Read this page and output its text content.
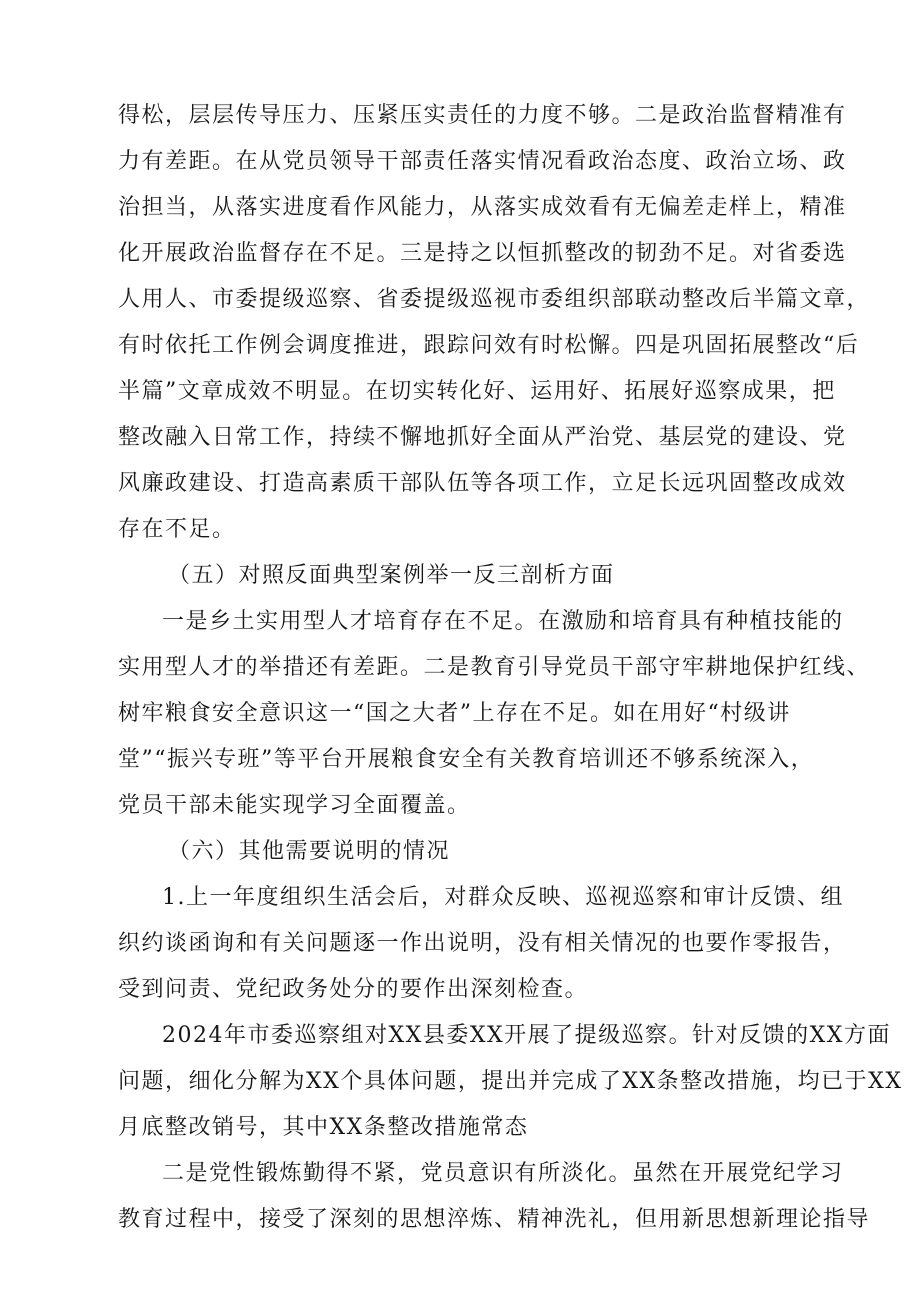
得松，层层传导压力、压紧压实责任的力度不够。二是政治监督精准有
力有差距。在从党员领导干部责任落实情况看政治态度、政治立场、政
治担当，从落实进度看作风能力，从落实成效看有无偏差走样上，精准
化开展政治监督存在不足。三是持之以恒抓整改的韧劲不足。对省委选
人用人、市委提级巡察、省委提级巡视市委组织部联动整改后半篇文章，
有时依托工作例会调度推进，跟踪问效有时松懈。四是巩固拓展整改“后
半篇”文章成效不明显。在切实转化好、运用好、拓展好巡察成果，把
整改融入日常工作，持续不懈地抓好全面从严治党、基层党的建设、党
风廉政建设、打造高素质干部队伍等各项工作，立足长远巩固整改成效
存在不足。
（五）对照反面典型案例举一反三剖析方面
一是乡土实用型人才培育存在不足。在激励和培育具有种植技能的
实用型人才的举措还有差距。二是教育引导党员干部守牢耕地保护红线、
树牢粮食安全意识这一“国之大者”上存在不足。如在用好“村级讲
堂”“振兴专班”等平台开展粮食安全有关教育培训还不够系统深入，
党员干部未能实现学习全面覆盖。
（六）其他需要说明的情况
1.上一年度组织生活会后，对群众反映、巡视巡察和审计反馈、组
织约谈函询和有关问题逐一作出说明，没有相关情况的也要作零报告，
受到问责、党纪政务处分的要作出深刻检查。
2024年市委巡察组对XX县委XX开展了提级巡察。针对反馈的XX方面
问题，细化分解为XX个具体问题，提出并完成了XX条整改措施，均已于XX
月底整改销号，其中XX条整改措施常态
二是党性锻炼勤得不紧，党员意识有所淡化。虽然在开展党纪学习
教育过程中，接受了深刻的思想淬炼、精神洗礼，但用新思想新理论指导
